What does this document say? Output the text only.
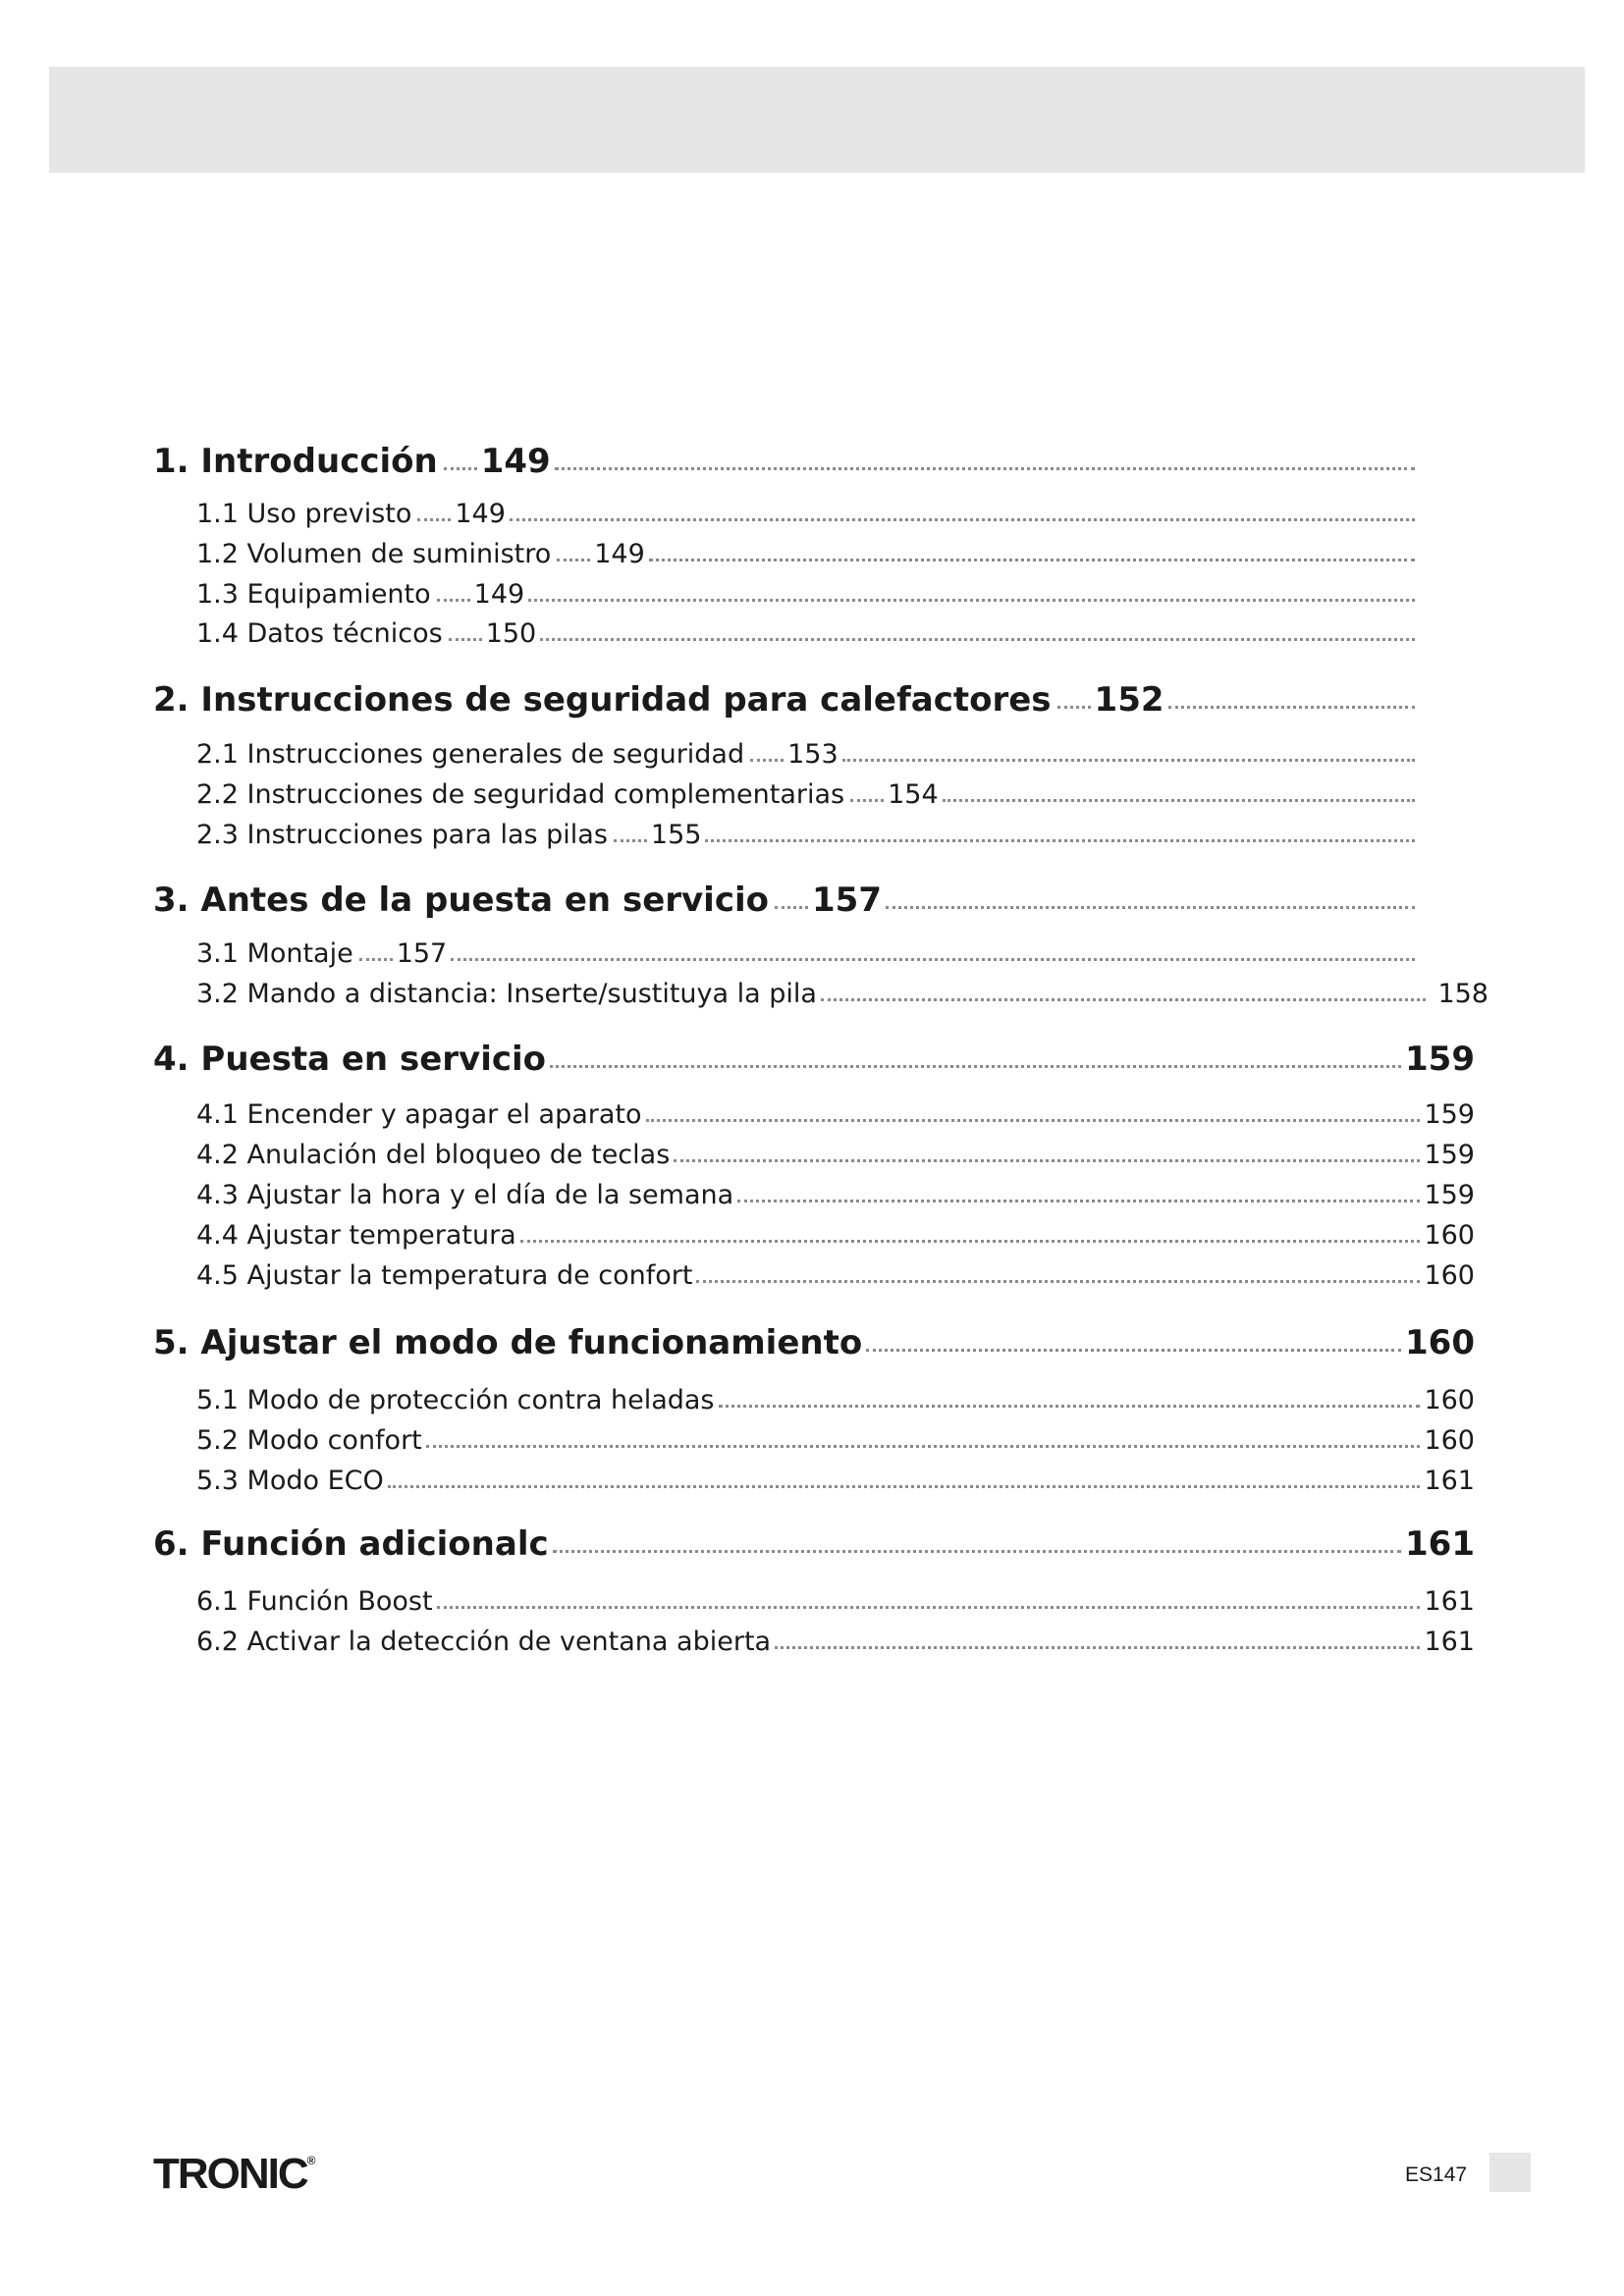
1. Introducción 149
1.1 Uso previsto 149
1.2 Volumen de suministro 149
1.3 Equipamiento 149
1.4 Datos técnicos 150
2. Instrucciones de seguridad para calefactores 152
2.1 Instrucciones generales de seguridad 153
2.2 Instrucciones de seguridad complementarias 154
2.3 Instrucciones para las pilas 155
3. Antes de la puesta en servicio 157
3.1 Montaje 157
3.2 Mando a distancia: Inserte/sustituya la pila	158
4. Puesta en servicio	159
4.1 Encender y apagar el aparato	159
4.2 Anulación del bloqueo de teclas	159
4.3 Ajustar la hora y el día de la semana	159
4.4 Ajustar temperatura	160
4.5 Ajustar la temperatura de confort	160
5. Ajustar el modo de funcionamiento	160
5.1 Modo de protección contra heladas	160
5.2 Modo confort	160
5.3 Modo ECO	161
6. Función adicionalc	161
6.1 Función Boost	161
6.2 Activar la detección de ventana abierta	161
TRONIC®
ES147
